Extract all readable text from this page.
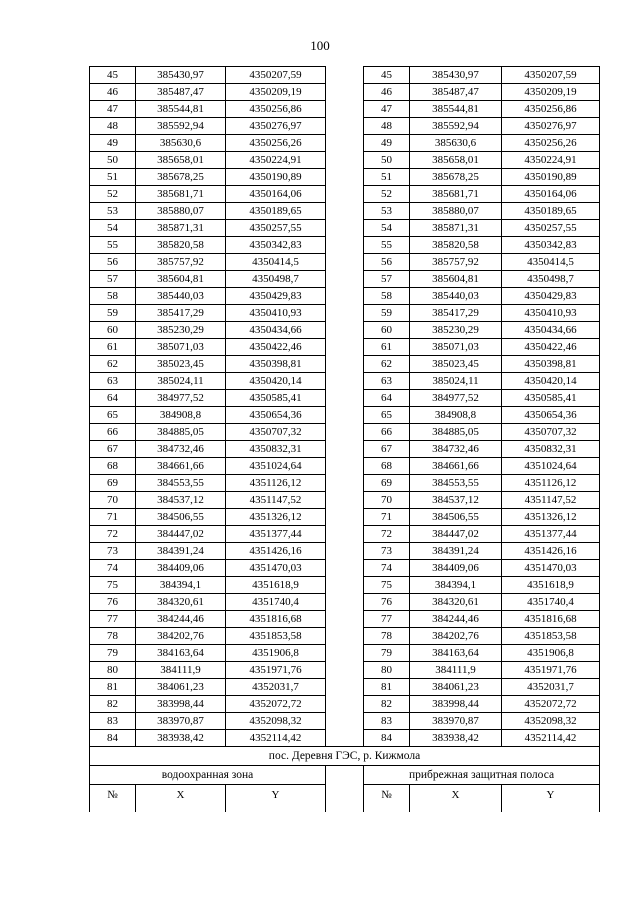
100
45	385430,97	4350207,59		45	385430,97	4350207,59
46	385487,47	4350209,19		46	385487,47	4350209,19
47	385544,81	4350256,86		47	385544,81	4350256,86
48	385592,94	4350276,97		48	385592,94	4350276,97
49	385630,6	4350256,26		49	385630,6	4350256,26
50	385658,01	4350224,91		50	385658,01	4350224,91
51	385678,25	4350190,89		51	385678,25	4350190,89
52	385681,71	4350164,06		52	385681,71	4350164,06
53	385880,07	4350189,65		53	385880,07	4350189,65
54	385871,31	4350257,55		54	385871,31	4350257,55
55	385820,58	4350342,83		55	385820,58	4350342,83
56	385757,92	4350414,5		56	385757,92	4350414,5
57	385604,81	4350498,7		57	385604,81	4350498,7
58	385440,03	4350429,83		58	385440,03	4350429,83
59	385417,29	4350410,93		59	385417,29	4350410,93
60	385230,29	4350434,66		60	385230,29	4350434,66
61	385071,03	4350422,46		61	385071,03	4350422,46
62	385023,45	4350398,81		62	385023,45	4350398,81
63	385024,11	4350420,14		63	385024,11	4350420,14
64	384977,52	4350585,41		64	384977,52	4350585,41
65	384908,8	4350654,36		65	384908,8	4350654,36
66	384885,05	4350707,32		66	384885,05	4350707,32
67	384732,46	4350832,31		67	384732,46	4350832,31
68	384661,66	4351024,64		68	384661,66	4351024,64
69	384553,55	4351126,12		69	384553,55	4351126,12
70	384537,12	4351147,52		70	384537,12	4351147,52
71	384506,55	4351326,12		71	384506,55	4351326,12
72	384447,02	4351377,44		72	384447,02	4351377,44
73	384391,24	4351426,16		73	384391,24	4351426,16
74	384409,06	4351470,03		74	384409,06	4351470,03
75	384394,1	4351618,9		75	384394,1	4351618,9
76	384320,61	4351740,4		76	384320,61	4351740,4
77	384244,46	4351816,68		77	384244,46	4351816,68
78	384202,76	4351853,58		78	384202,76	4351853,58
79	384163,64	4351906,8		79	384163,64	4351906,8
80	384111,9	4351971,76		80	384111,9	4351971,76
81	384061,23	4352031,7		81	384061,23	4352031,7
82	383998,44	4352072,72		82	383998,44	4352072,72
83	383970,87	4352098,32		83	383970,87	4352098,32
84	383938,42	4352114,42		84	383938,42	4352114,42
пос. Деревня ГЭС, р. Кижмола						
водоохранная зона				прибрежная защитная полоса		
№	X	Y		№	X	Y
